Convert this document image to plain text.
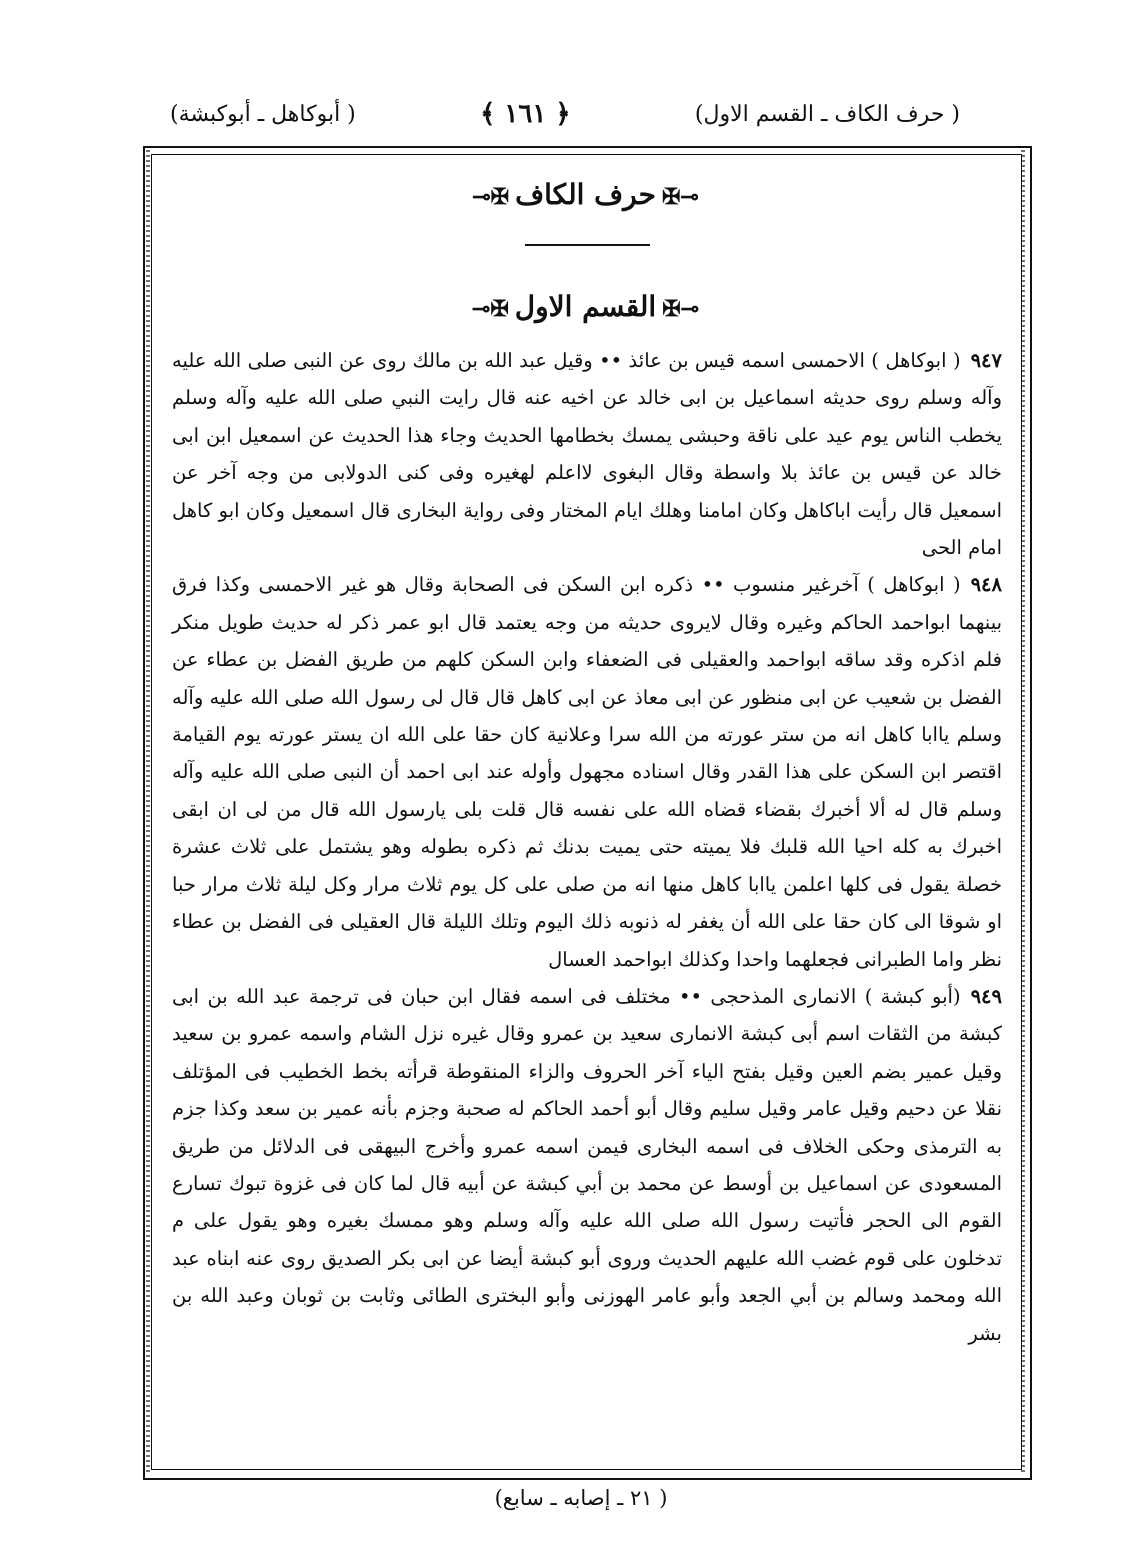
( حرف الكاف ـ القسم الاول)
﴿ ١٦١ ﴾
( أبوكاهل ـ أبوكبشة)
⊸✠حرف الكاف✠⟜
⊸✠القسم الاول✠⟜

٩٤٧( ابوكاهل ) الاحمسى اسمه قيس بن عائذ •• وقيل عبد الله بن مالك روى عن النبى صلى الله عليه وآله وسلم روى حديثه اسماعيل بن ابى خالد عن اخيه عنه قال رايت النبي صلى الله عليه وآله وسلم يخطب الناس يوم عيد على ناقة وحبشى يمسك بخطامها الحديث وجاء هذا الحديث عن اسمعيل ابن ابى خالد عن قيس بن عائذ بلا واسطة وقال البغوى لااعلم لهغيره وفى كنى الدولابى من وجه آخر عن اسمعيل قال رأيت اباكاهل وكان امامنا وهلك ايام المختار وفى رواية البخارى قال اسمعيل وكان ابو كاهل امام الحى

٩٤٨( ابوكاهل ) آخرغير منسوب •• ذكره ابن السكن فى الصحابة وقال هو غير الاحمسى وكذا فرق بينهما ابواحمد الحاكم وغيره وقال لايروى حديثه من وجه يعتمد قال ابو عمر ذكر له حديث طويل منكر فلم اذكره وقد ساقه ابواحمد والعقيلى فى الضعفاء وابن السكن كلهم من طريق الفضل بن عطاء عن الفضل بن شعيب عن ابى منظور عن ابى معاذ عن ابى كاهل قال قال لى رسول الله صلى الله عليه وآله وسلم ياابا كاهل انه من ستر عورته من الله سرا وعلانية كان حقا على الله ان يستر عورته يوم القيامة اقتصر ابن السكن على هذا القدر وقال اسناده مجهول وأوله عند ابى احمد أن النبى صلى الله عليه وآله وسلم قال له ألا أخبرك بقضاء قضاه الله على نفسه قال قلت بلى يارسول الله قال من لى ان ابقى اخبرك به كله احيا الله قلبك فلا يميته حتى يميت بدنك ثم ذكره بطوله وهو يشتمل على ثلاث عشرة خصلة يقول فى كلها اعلمن ياابا كاهل منها انه من صلى على كل يوم ثلاث مرار وكل ليلة ثلاث مرار حبا او شوقا الى كان حقا على الله أن يغفر له ذنوبه ذلك اليوم وتلك الليلة قال العقيلى فى الفضل بن عطاء نظر واما الطبرانى فجعلهما واحدا وكذلك ابواحمد العسال

٩٤٩(أبو كبشة ) الانمارى المذحجى •• مختلف فى اسمه فقال ابن حبان فى ترجمة عبد الله بن ابى كبشة من الثقات اسم أبى كبشة الانمارى سعيد بن عمرو وقال غيره نزل الشام واسمه عمرو بن سعيد وقيل عمير بضم العين وقيل بفتح الياء آخر الحروف والزاء المنقوطة قرأته بخط الخطيب فى المؤتلف نقلا عن دحيم وقيل عامر وقيل سليم وقال أبو أحمد الحاكم له صحبة وجزم بأنه عمير بن سعد وكذا جزم به الترمذى وحكى الخلاف فى اسمه البخارى فيمن اسمه عمرو وأخرج البيهقى فى الدلائل من طريق المسعودى عن اسماعيل بن أوسط عن محمد بن أبي كبشة عن أبيه قال لما كان فى غزوة تبوك تسارع القوم الى الحجر فأتيت رسول الله صلى الله عليه وآله وسلم وهو ممسك بغيره وهو يقول على م تدخلون على قوم غضب الله عليهم الحديث وروى أبو كبشة أيضا عن ابى بكر الصديق روى عنه ابناه عبد الله ومحمد وسالم بن أبي الجعد وأبو عامر الهوزنى وأبو البخترى الطائى وثابت بن ثوبان وعبد الله بن بشر

( ٢١ ـ إصابه ـ سابع)
